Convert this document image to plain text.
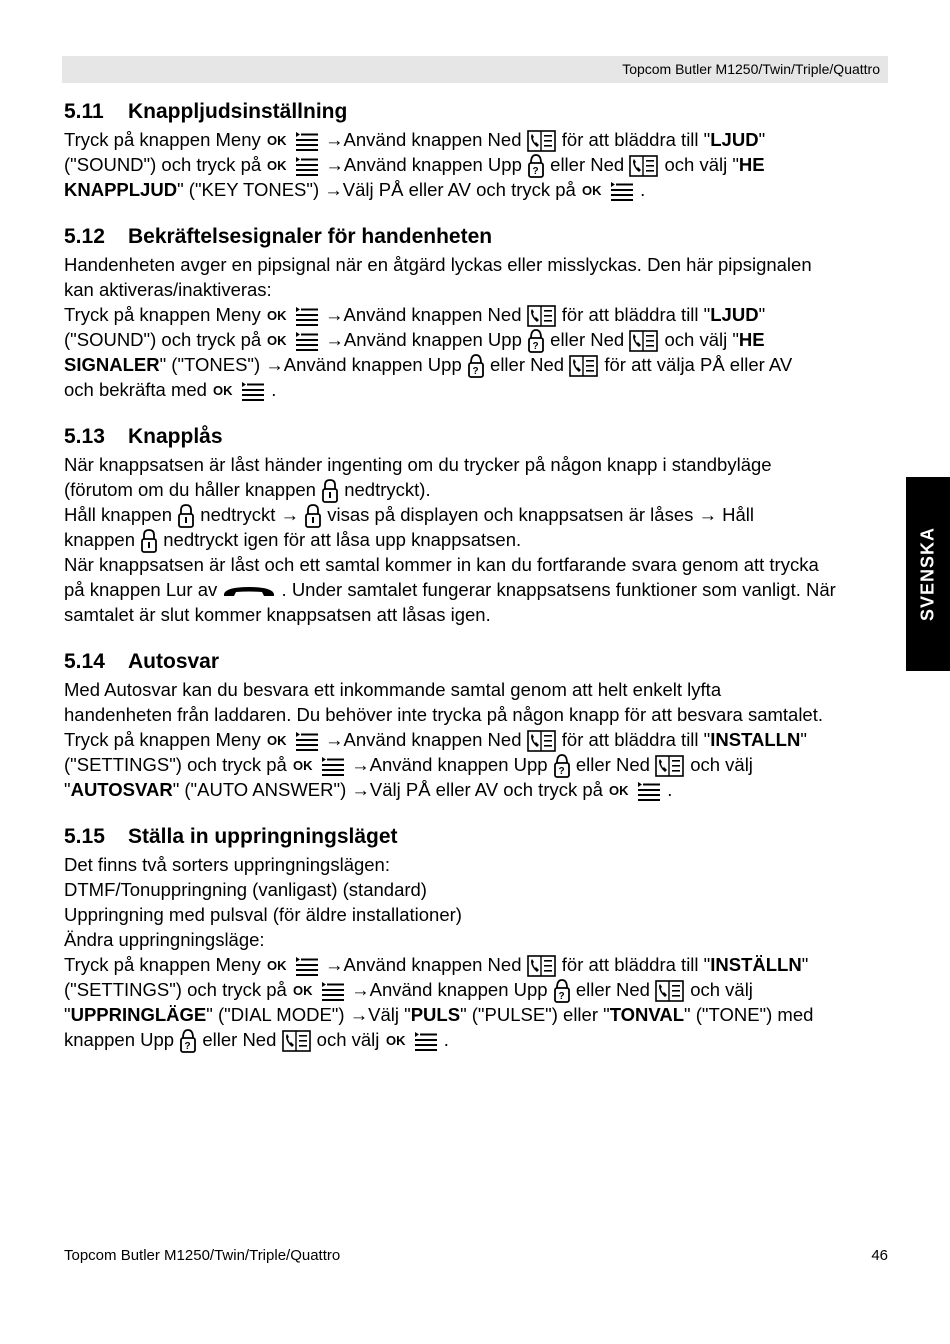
Topcom Butler M1250/Twin/Triple/Quattro
SVENSKA
5.11 Knappljudsinställning
Tryck på knappen Meny OK →Använd knappen Ned  för att bläddra till "LJUD"
("SOUND") och tryck på OK →Använd knappen Upp ? eller Ned  och välj "HE
KNAPPLJUD" ("KEY TONES") →Välj PÅ eller AV och tryck på OK .
5.12 Bekräftelsesignaler för handenheten
Handenheten avger en pipsignal när en åtgärd lyckas eller misslyckas. Den här pipsignalen
kan aktiveras/inaktiveras:
Tryck på knappen Meny OK →Använd knappen Ned  för att bläddra till "LJUD"
("SOUND") och tryck på OK →Använd knappen Upp ? eller Ned  och välj "HE
SIGNALER" ("TONES") →Använd knappen Upp ? eller Ned  för att välja PÅ eller AV
och bekräfta med OK .
5.13 Knapplås
När knappsatsen är låst händer ingenting om du trycker på någon knapp i standbyläge
(förutom om du håller knappen  nedtryckt).
Håll knappen  nedtryckt →  visas på displayen och knappsatsen är låses → Håll
knappen  nedtryckt igen för att låsa upp knappsatsen.
När knappsatsen är låst och ett samtal kommer in kan du fortfarande svara genom att trycka
på knappen Lur av	. Under samtalet fungerar knappsatsens funktioner som vanligt. När
samtalet är slut kommer knappsatsen att låsas igen.
5.14 Autosvar
Med Autosvar kan du besvara ett inkommande samtal genom att helt enkelt lyfta
handenheten från laddaren. Du behöver inte trycka på någon knapp för att besvara samtalet.
Tryck på knappen Meny OK →Använd knappen Ned  för att bläddra till "INSTALLN"
("SETTINGS") och tryck på OK →Använd knappen Upp ? eller Ned  och välj
"AUTOSVAR" ("AUTO ANSWER") →Välj PÅ eller AV och tryck på OK .
5.15 Ställa in uppringningsläget
Det finns två sorters uppringningslägen:
DTMF/Tonuppringning (vanligast) (standard)
Uppringning med pulsval (för äldre installationer)
Ändra uppringningsläge:
Tryck på knappen Meny OK →Använd knappen Ned  för att bläddra till "INSTÄLLN"
("SETTINGS") och tryck på OK →Använd knappen Upp ? eller Ned  och välj
"UPPRINGLÄGE" ("DIAL MODE") →Välj "PULS" ("PULSE") eller "TONVAL" ("TONE") med
knappen Upp ? eller Ned  och välj OK .
Topcom Butler M1250/Twin/Triple/Quattro	46
